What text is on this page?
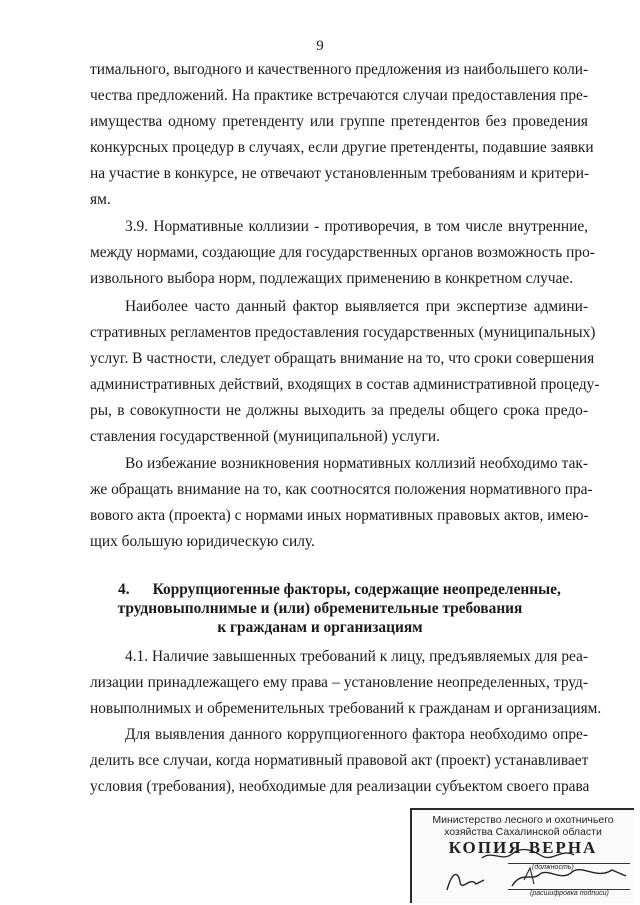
9

тимального, выгодного и качественного предложения из наибольшего коли-

чества предложений. На практике встречаются случаи предоставления пре-

имущества одному претенденту или группе претендентов без проведения

конкурсных процедур в случаях, если другие претенденты, подавшие заявки

на участие в конкурсе, не отвечают установленным требованиям и критери-

ям.

3.9. Нормативные коллизии - противоречия, в том числе внутренние,

между нормами, создающие для государственных органов возможность про-

извольного выбора норм, подлежащих применению в конкретном случае.

Наиболее часто данный фактор выявляется при экспертизе админи-

стративных регламентов предоставления государственных (муниципальных)

услуг. В частности, следует обращать внимание на то, что сроки совершения

административных действий, входящих в состав административной процеду-

ры, в совокупности не должны выходить за пределы общего срока предо-

ставления государственной (муниципальной) услуги.

Во избежание возникновения нормативных коллизий необходимо так-

же обращать внимание на то, как соотносятся положения нормативного пра-

вового акта (проекта) с нормами иных нормативных правовых актов, имею-

щих большую юридическую силу.

4.      Коррупциогенные факторы, содержащие неопределенные,

трудновыполнимые и (или) обременительные требования

к гражданам и организациям

4.1. Наличие завышенных требований к лицу, предъявляемых для реа-

лизации принадлежащего ему права – установление неопределенных, труд-

новыполнимых и обременительных требований к гражданам и организациям.

Для выявления данного коррупциогенного фактора необходимо опре-

делить все случаи, когда нормативный правовой акт (проект) устанавливает

условия (требования), необходимые для реализации субъектом своего права

Министерство лесного и охотничьего
хозяйства Сахалинской области
КОПИЯ ВЕРНА
(должность)
(расшифровка подписи)
